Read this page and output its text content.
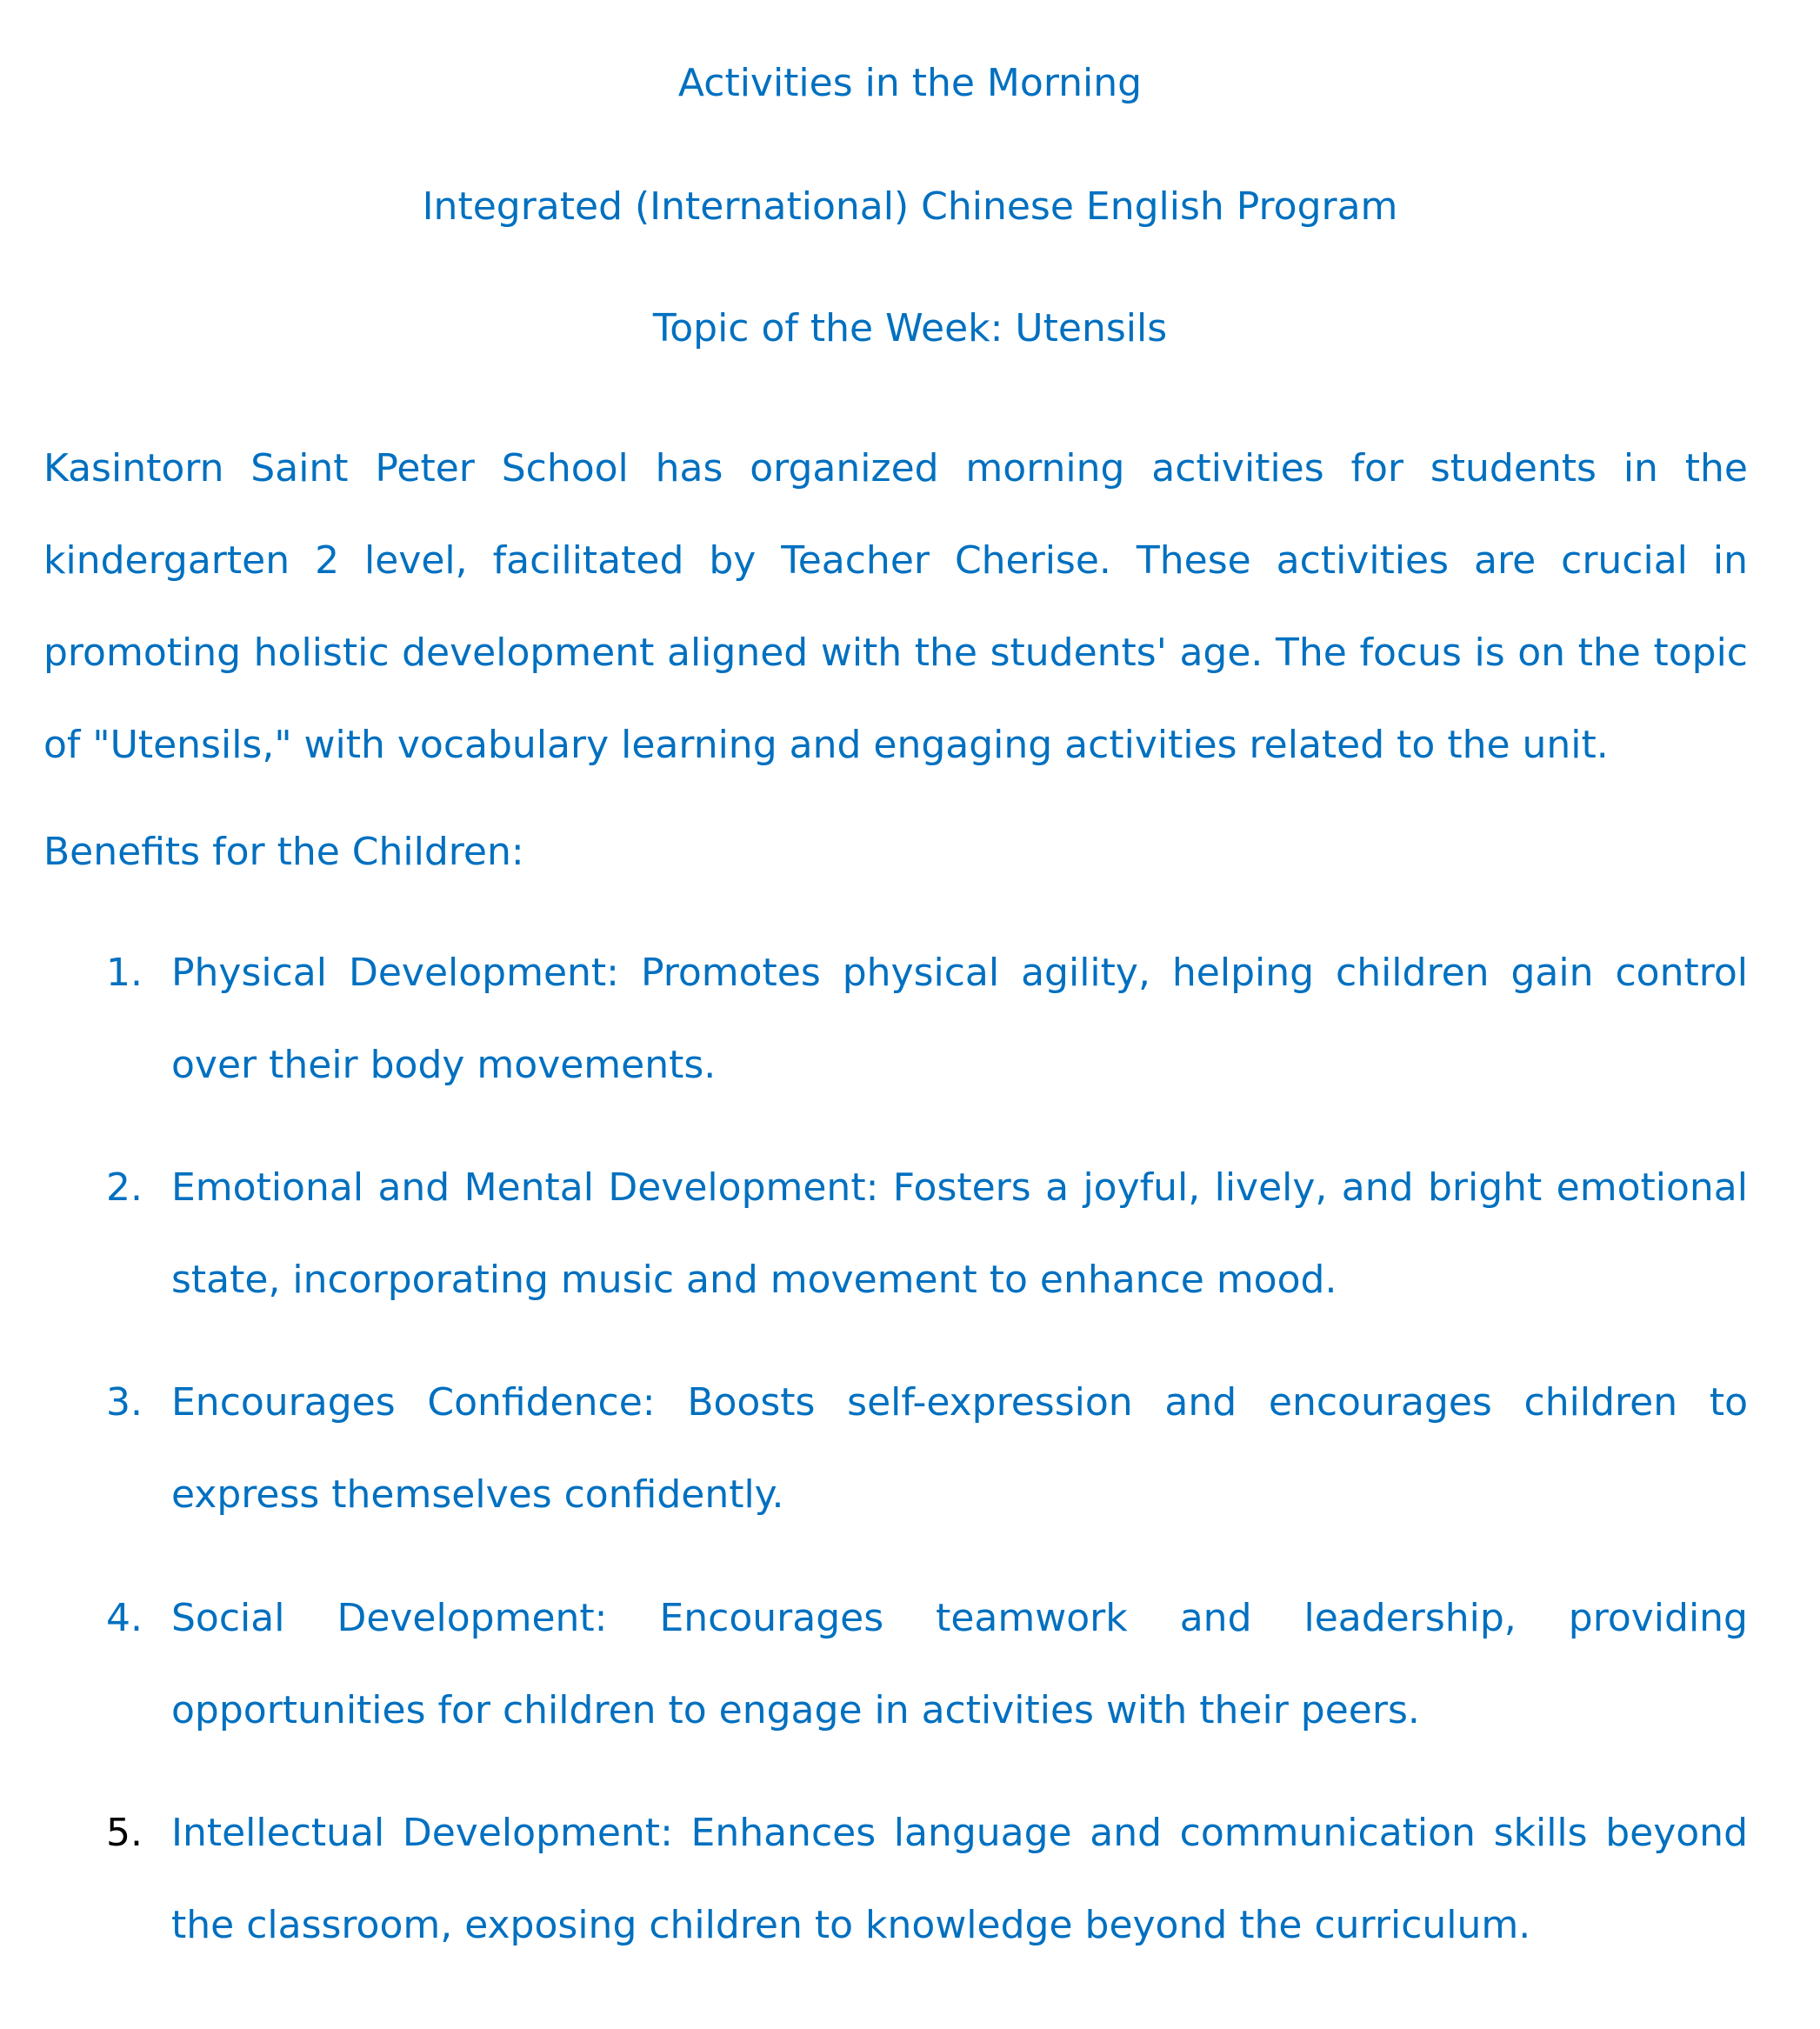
Activities in the Morning
Integrated (International) Chinese English Program
Topic of the Week: Utensils

Kasintorn Saint Peter School has organized morning activities for students in the kindergarten 2 level, facilitated by Teacher Cherise. These activities are crucial in promoting holistic development aligned with the students' age. The focus is on the topic of "Utensils," with vocabulary learning and engaging activities related to the unit.

Benefits for the Children:
1. Physical Development: Promotes physical agility, helping children gain control over their body movements.

2. Emotional and Mental Development: Fosters a joyful, lively, and bright emotional state, incorporating music and movement to enhance mood.

3. Encourages Confidence: Boosts self-expression and encourages children to express themselves confidently.

4. Social Development: Encourages teamwork and leadership, providing opportunities for children to engage in activities with their peers.

5. Intellectual Development: Enhances language and communication skills beyond the classroom, exposing children to knowledge beyond the curriculum.
